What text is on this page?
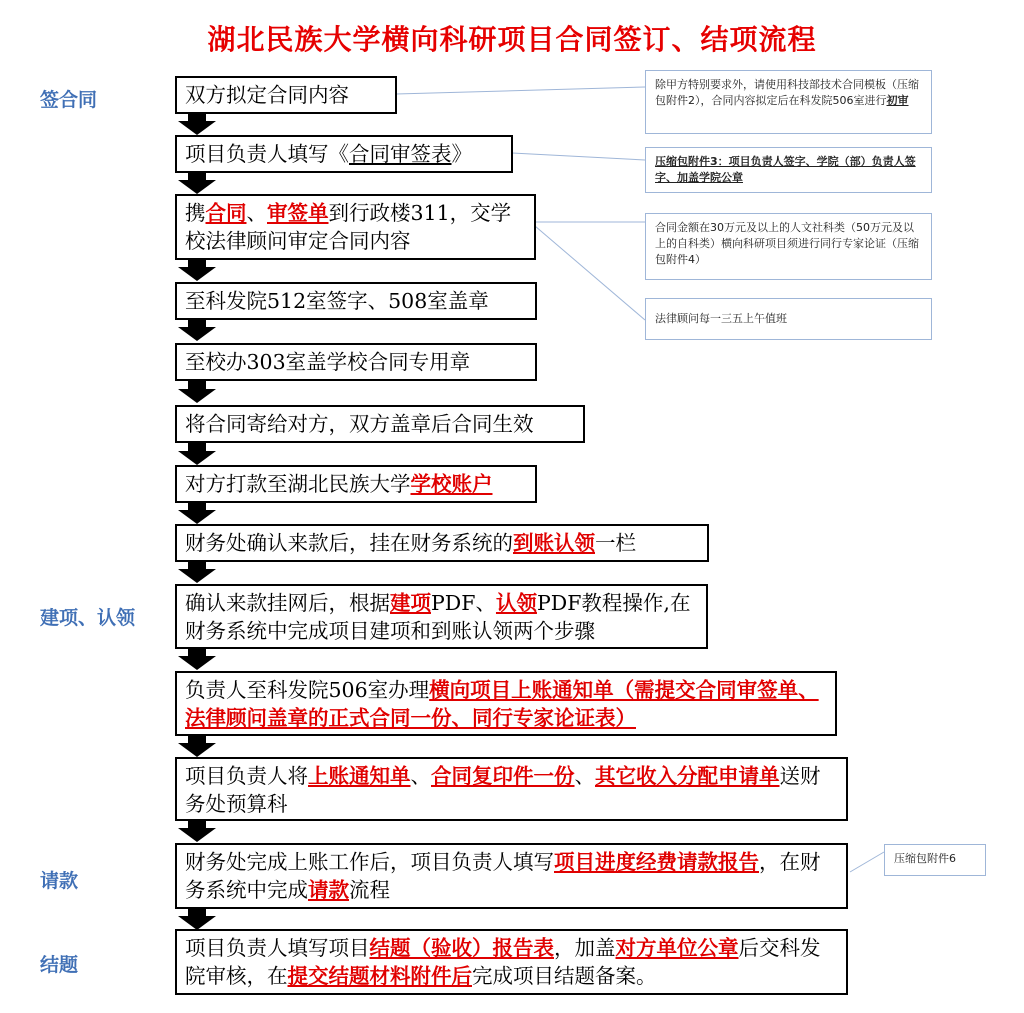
湖北民族大学横向科研项目合同签订、结项流程
签合同
建项、认领
请款
结题
双方拟定合同内容
项目负责人填写《合同审签表》
携合同、审签单到行政楼311，交学校法律顾问审定合同内容
至科发院512室签字、508室盖章
至校办303室盖学校合同专用章
将合同寄给对方，双方盖章后合同生效
对方打款至湖北民族大学学校账户
财务处确认来款后，挂在财务系统的到账认领一栏
确认来款挂网后，根据建项PDF、认领PDF教程操作,在财务系统中完成项目建项和到账认领两个步骤
负责人至科发院506室办理横向项目上账通知单（需提交合同审签单、法律顾问盖章的正式合同一份、同行专家论证表）
项目负责人将上账通知单、合同复印件一份、其它收入分配申请单送财务处预算科
财务处完成上账工作后，项目负责人填写项目进度经费请款报告，在财务系统中完成请款流程
项目负责人填写项目结题（验收）报告表，加盖对方单位公章后交科发院审核，在提交结题材料附件后完成项目结题备案。
除甲方特别要求外，请使用科技部技术合同模板（压缩包附件2），合同内容拟定后在科发院506室进行初审
压缩包附件3：项目负责人签字、学院（部）负责人签字、加盖学院公章
合同金额在30万元及以上的人文社科类（50万元及以上的自科类）横向科研项目须进行同行专家论证（压缩包附件4）
法律顾问每一三五上午值班
压缩包附件6
